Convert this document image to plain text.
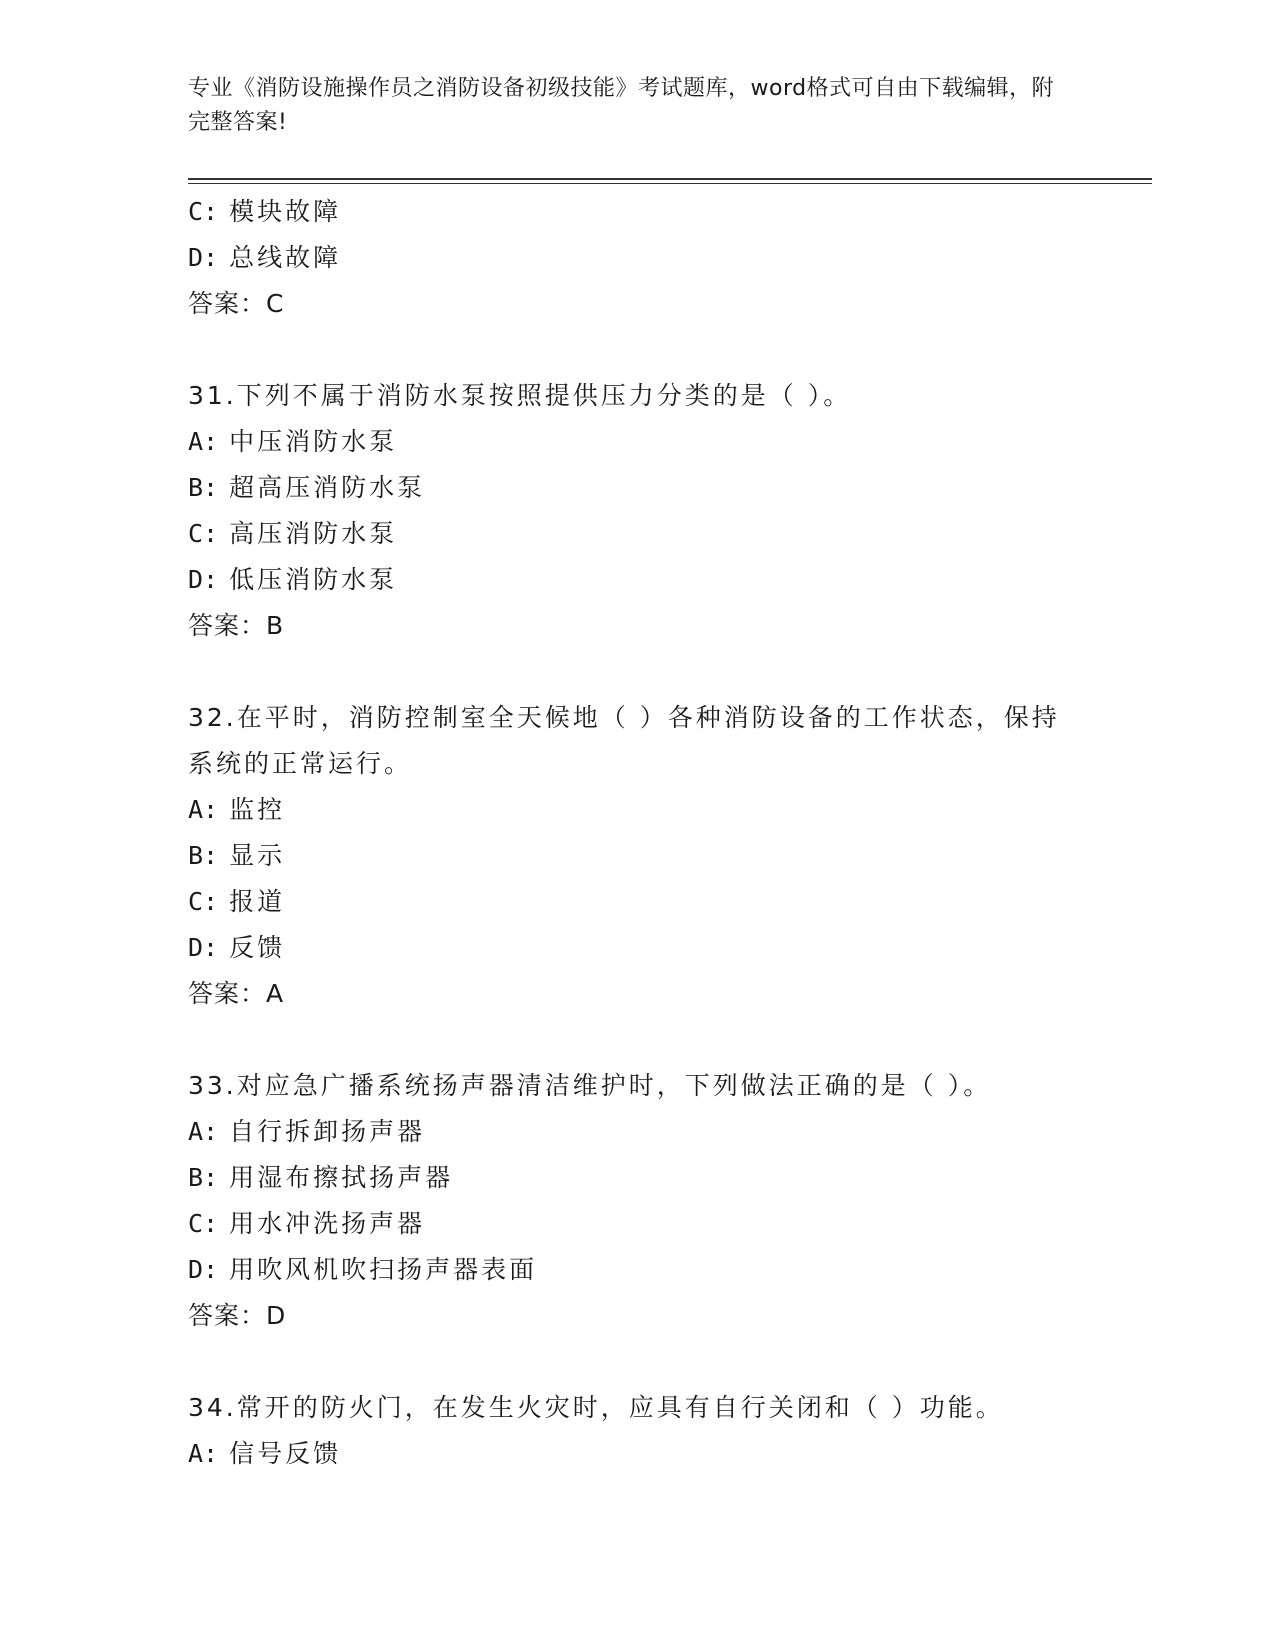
专业《消防设施操作员之消防设备初级技能》考试题库，word格式可自由下载编辑，附完整答案!
C: 模块故障
D: 总线故障
答案：C
31.下列不属于消防水泵按照提供压力分类的是（ ）。
A: 中压消防水泵
B: 超高压消防水泵
C: 高压消防水泵
D: 低压消防水泵
答案：B
32.在平时，消防控制室全天候地（ ）各种消防设备的工作状态，保持系统的正常运行。
A: 监控
B: 显示
C: 报道
D: 反馈
答案：A
33.对应急广播系统扬声器清洁维护时，下列做法正确的是（ ）。
A: 自行拆卸扬声器
B: 用湿布擦拭扬声器
C: 用水冲洗扬声器
D: 用吹风机吹扫扬声器表面
答案：D
34.常开的防火门，在发生火灾时，应具有自行关闭和（ ）功能。
A: 信号反馈
